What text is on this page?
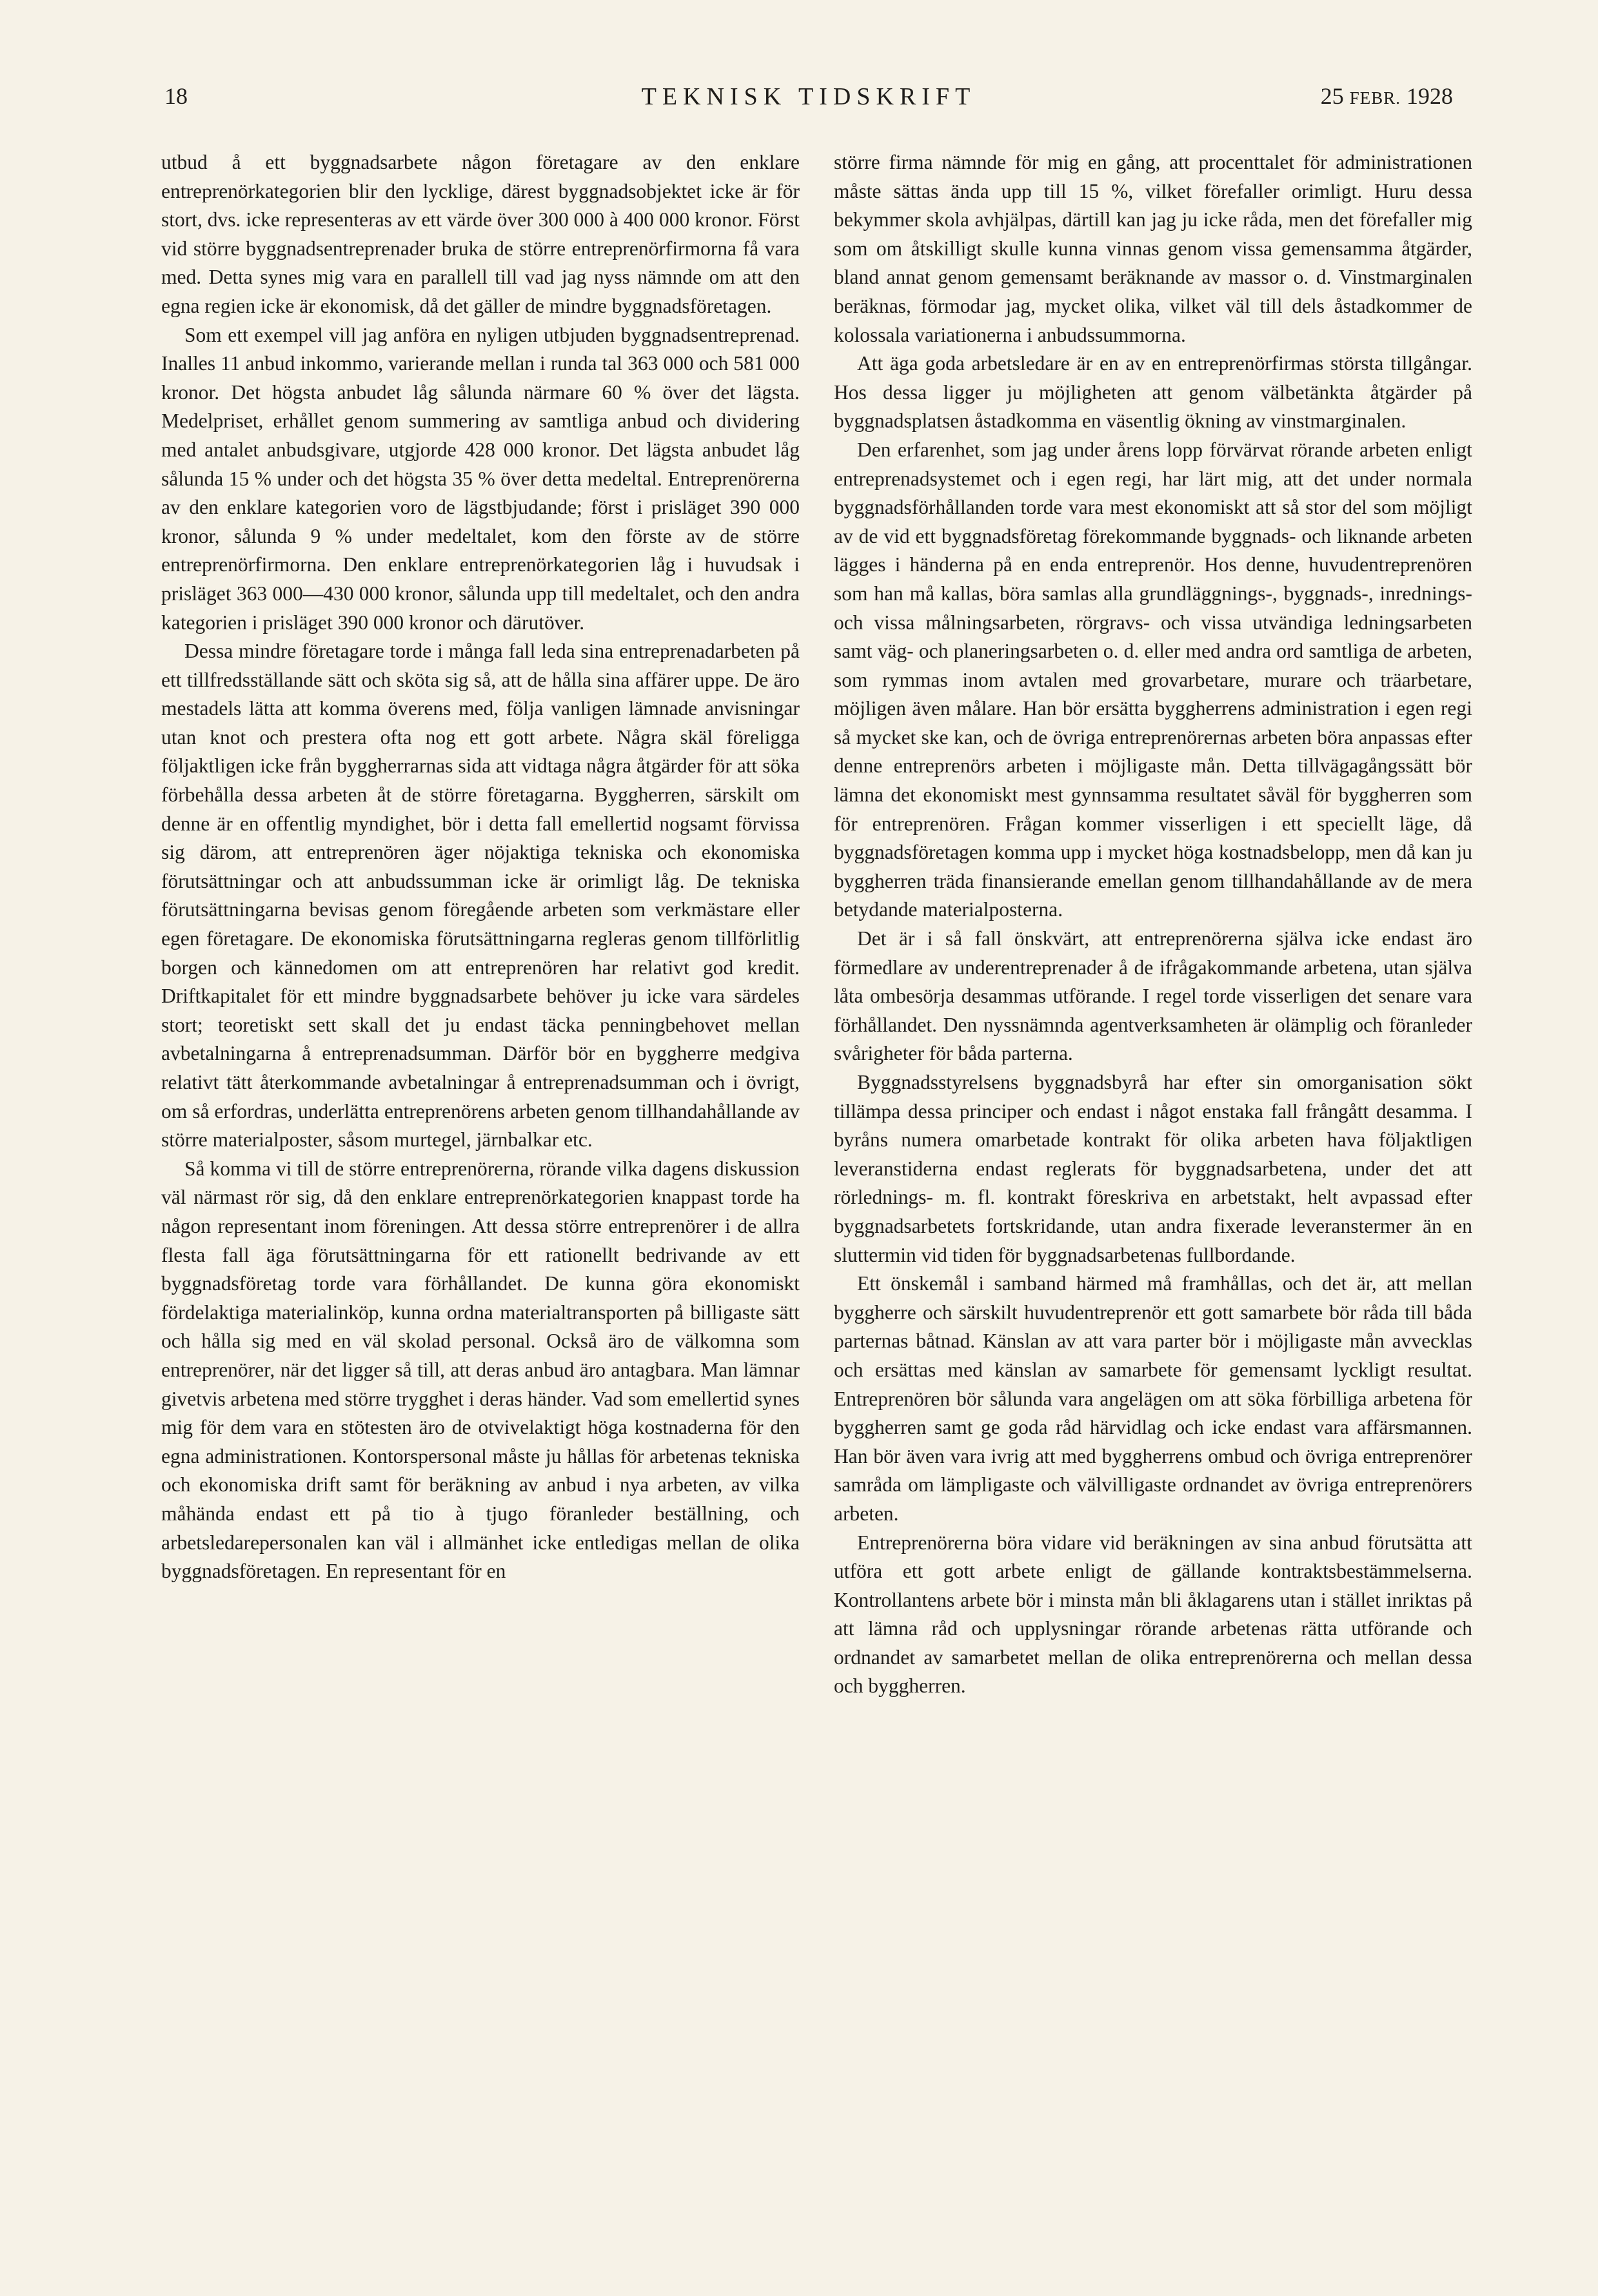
18	TEKNISK TIDSKRIFT	25 FEBR. 1928

utbud å ett byggnadsarbete någon företagare av den enklare entreprenörkategorien blir den lycklige, därest byggnadsobjektet icke är för stort, dvs. icke representeras av ett värde över 300 000 à 400 000 kronor. Först vid större byggnadsentreprenader bruka de större entreprenörfirmorna få vara med. Detta synes mig vara en parallell till vad jag nyss nämnde om att den egna regien icke är ekonomisk, då det gäller de mindre byggnadsföretagen.

Som ett exempel vill jag anföra en nyligen utbjuden byggnadsentreprenad. Inalles 11 anbud inkommo, varierande mellan i runda tal 363 000 och 581 000 kronor. Det högsta anbudet låg sålunda närmare 60 % över det lägsta. Medelpriset, erhållet genom summering av samtliga anbud och dividering med antalet anbudsgivare, utgjorde 428 000 kronor. Det lägsta anbudet låg sålunda 15 % under och det högsta 35 % över detta medeltal. Entreprenörerna av den enklare kategorien voro de lägstbjudande; först i prisläget 390 000 kronor, sålunda 9 % under medeltalet, kom den förste av de större entreprenörfirmorna. Den enklare entreprenörkategorien låg i huvudsak i prisläget 363 000—430 000 kronor, sålunda upp till medeltalet, och den andra kategorien i prisläget 390 000 kronor och därutöver.

Dessa mindre företagare torde i många fall leda sina entreprenadarbeten på ett tillfredsställande sätt och sköta sig så, att de hålla sina affärer uppe. De äro mestadels lätta att komma överens med, följa vanligen lämnade anvisningar utan knot och prestera ofta nog ett gott arbete. Några skäl föreligga följaktligen icke från byggherrarnas sida att vidtaga några åtgärder för att söka förbehålla dessa arbeten åt de större företagarna. Byggherren, särskilt om denne är en offentlig myndighet, bör i detta fall emellertid nogsamt förvissa sig därom, att entreprenören äger nöjaktiga tekniska och ekonomiska förutsättningar och att anbudssumman icke är orimligt låg. De tekniska förutsättningarna bevisas genom föregående arbeten som verkmästare eller egen företagare. De ekonomiska förutsättningarna regleras genom tillförlitlig borgen och kännedomen om att entreprenören har relativt god kredit. Driftkapitalet för ett mindre byggnadsarbete behöver ju icke vara särdeles stort; teoretiskt sett skall det ju endast täcka penningbehovet mellan avbetalningarna å entreprenadsumman. Därför bör en byggherre medgiva relativt tätt återkommande avbetalningar å entreprenadsumman och i övrigt, om så erfordras, underlätta entreprenörens arbeten genom tillhandahållande av större materialposter, såsom murtegel, järnbalkar etc.

Så komma vi till de större entreprenörerna, rörande vilka dagens diskussion väl närmast rör sig, då den enklare entreprenörkategorien knappast torde ha någon representant inom föreningen. Att dessa större entreprenörer i de allra flesta fall äga förutsättningarna för ett rationellt bedrivande av ett byggnadsföretag torde vara förhållandet. De kunna göra ekonomiskt fördelaktiga materialinköp, kunna ordna materialtransporten på billigaste sätt och hålla sig med en väl skolad personal. Också äro de välkomna som entreprenörer, när det ligger så till, att deras anbud äro antagbara. Man lämnar givetvis arbetena med större trygghet i deras händer. Vad som emellertid synes mig för dem vara en stötesten äro de otvivelaktigt höga kostnaderna för den egna administrationen. Kontorspersonal måste ju hållas för arbetenas tekniska och ekonomiska drift samt för beräkning av anbud i nya arbeten, av vilka måhända endast ett på tio à tjugo föranleder beställning, och arbetsledarepersonalen kan väl i allmänhet icke entledigas mellan de olika byggnadsföretagen. En representant för en

större firma nämnde för mig en gång, att procenttalet för administrationen måste sättas ända upp till 15 %, vilket förefaller orimligt. Huru dessa bekymmer skola avhjälpas, därtill kan jag ju icke råda, men det förefaller mig som om åtskilligt skulle kunna vinnas genom vissa gemensamma åtgärder, bland annat genom gemensamt beräknande av massor o. d. Vinstmarginalen beräknas, förmodar jag, mycket olika, vilket väl till dels åstadkommer de kolossala variationerna i anbudssummorna.

Att äga goda arbetsledare är en av en entreprenörfirmas största tillgångar. Hos dessa ligger ju möjligheten att genom välbetänkta åtgärder på byggnadsplatsen åstadkomma en väsentlig ökning av vinstmarginalen.

Den erfarenhet, som jag under årens lopp förvärvat rörande arbeten enligt entreprenadsystemet och i egen regi, har lärt mig, att det under normala byggnadsförhållanden torde vara mest ekonomiskt att så stor del som möjligt av de vid ett byggnadsföretag förekommande byggnads- och liknande arbeten lägges i händerna på en enda entreprenör. Hos denne, huvudentreprenören som han må kallas, böra samlas alla grundläggnings-, byggnads-, inrednings- och vissa målningsarbeten, rörgravs- och vissa utvändiga ledningsarbeten samt väg- och planeringsarbeten o. d. eller med andra ord samtliga de arbeten, som rymmas inom avtalen med grovarbetare, murare och träarbetare, möjligen även målare. Han bör ersätta byggherrens administration i egen regi så mycket ske kan, och de övriga entreprenörernas arbeten böra anpassas efter denne entreprenörs arbeten i möjligaste mån. Detta tillvägagångssätt bör lämna det ekonomiskt mest gynnsamma resultatet såväl för byggherren som för entreprenören. Frågan kommer visserligen i ett speciellt läge, då byggnadsföretagen komma upp i mycket höga kostnadsbelopp, men då kan ju byggherren träda finansierande emellan genom tillhandahållande av de mera betydande materialposterna.

Det är i så fall önskvärt, att entreprenörerna själva icke endast äro förmedlare av underentreprenader å de ifrågakommande arbetena, utan själva låta ombesörja desammas utförande. I regel torde visserligen det senare vara förhållandet. Den nyssnämnda agentverksamheten är olämplig och föranleder svårigheter för båda parterna.

Byggnadsstyrelsens byggnadsbyrå har efter sin omorganisation sökt tillämpa dessa principer och endast i något enstaka fall frångått desamma. I byråns numera omarbetade kontrakt för olika arbeten hava följaktligen leveranstiderna endast reglerats för byggnadsarbetena, under det att rörlednings- m. fl. kontrakt föreskriva en arbetstakt, helt avpassad efter byggnadsarbetets fortskridande, utan andra fixerade leveranstermer än en sluttermin vid tiden för byggnadsarbetenas fullbordande.

Ett önskemål i samband härmed må framhållas, och det är, att mellan byggherre och särskilt huvudentreprenör ett gott samarbete bör råda till båda parternas båtnad. Känslan av att vara parter bör i möjligaste mån avvecklas och ersättas med känslan av samarbete för gemensamt lyckligt resultat. Entreprenören bör sålunda vara angelägen om att söka förbilliga arbetena för byggherren samt ge goda råd härvidlag och icke endast vara affärsmannen. Han bör även vara ivrig att med byggherrens ombud och övriga entreprenörer samråda om lämpligaste och välvilligaste ordnandet av övriga entreprenörers arbeten.

Entreprenörerna böra vidare vid beräkningen av sina anbud förutsätta att utföra ett gott arbete enligt de gällande kontraktsbestämmelserna. Kontrollantens arbete bör i minsta mån bli åklagarens utan i stället inriktas på att lämna råd och upplysningar rörande arbetenas rätta utförande och ordnandet av samarbetet mellan de olika entreprenörerna och mellan dessa och byggherren.
